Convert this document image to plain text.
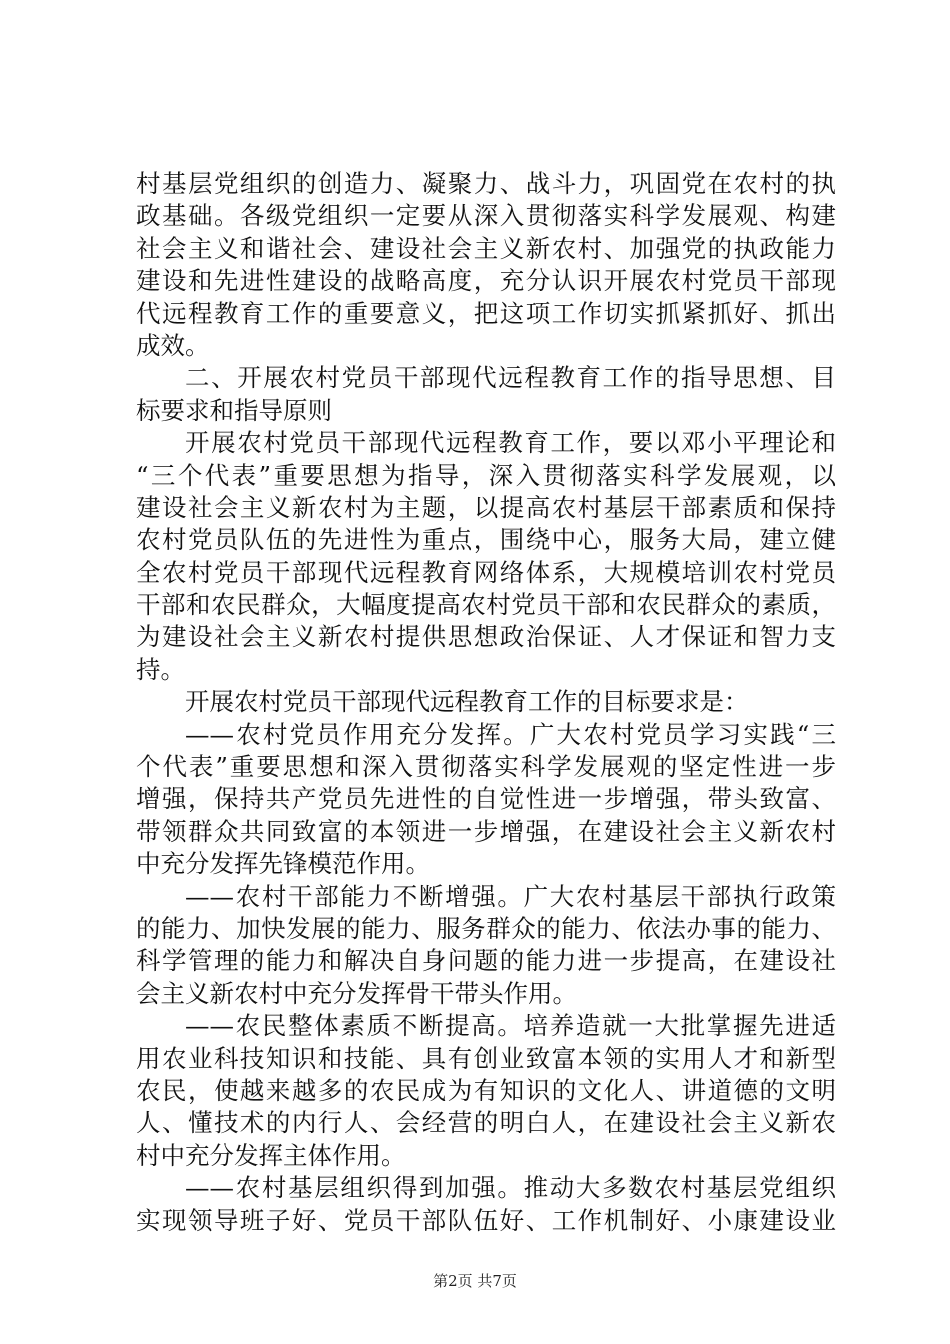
村基层党组织的创造力、凝聚力、战斗力，巩固党在农村的执
政基础。各级党组织一定要从深入贯彻落实科学发展观、构建
社会主义和谐社会、建设社会主义新农村、加强党的执政能力
建设和先进性建设的战略高度，充分认识开展农村党员干部现
代远程教育工作的重要意义，把这项工作切实抓紧抓好、抓出
成效。
二、开展农村党员干部现代远程教育工作的指导思想、目
标要求和指导原则
开展农村党员干部现代远程教育工作，要以邓小平理论和
“三个代表”重要思想为指导，深入贯彻落实科学发展观，以
建设社会主义新农村为主题，以提高农村基层干部素质和保持
农村党员队伍的先进性为重点，围绕中心，服务大局，建立健
全农村党员干部现代远程教育网络体系，大规模培训农村党员
干部和农民群众，大幅度提高农村党员干部和农民群众的素质，
为建设社会主义新农村提供思想政治保证、人才保证和智力支
持。
开展农村党员干部现代远程教育工作的目标要求是：
——农村党员作用充分发挥。广大农村党员学习实践“三
个代表”重要思想和深入贯彻落实科学发展观的坚定性进一步
增强，保持共产党员先进性的自觉性进一步增强，带头致富、
带领群众共同致富的本领进一步增强，在建设社会主义新农村
中充分发挥先锋模范作用。
——农村干部能力不断增强。广大农村基层干部执行政策
的能力、加快发展的能力、服务群众的能力、依法办事的能力、
科学管理的能力和解决自身问题的能力进一步提高，在建设社
会主义新农村中充分发挥骨干带头作用。
——农民整体素质不断提高。培养造就一大批掌握先进适
用农业科技知识和技能、具有创业致富本领的实用人才和新型
农民，使越来越多的农民成为有知识的文化人、讲道德的文明
人、懂技术的内行人、会经营的明白人，在建设社会主义新农
村中充分发挥主体作用。
——农村基层组织得到加强。推动大多数农村基层党组织
实现领导班子好、党员干部队伍好、工作机制好、小康建设业
第2页 共7页
